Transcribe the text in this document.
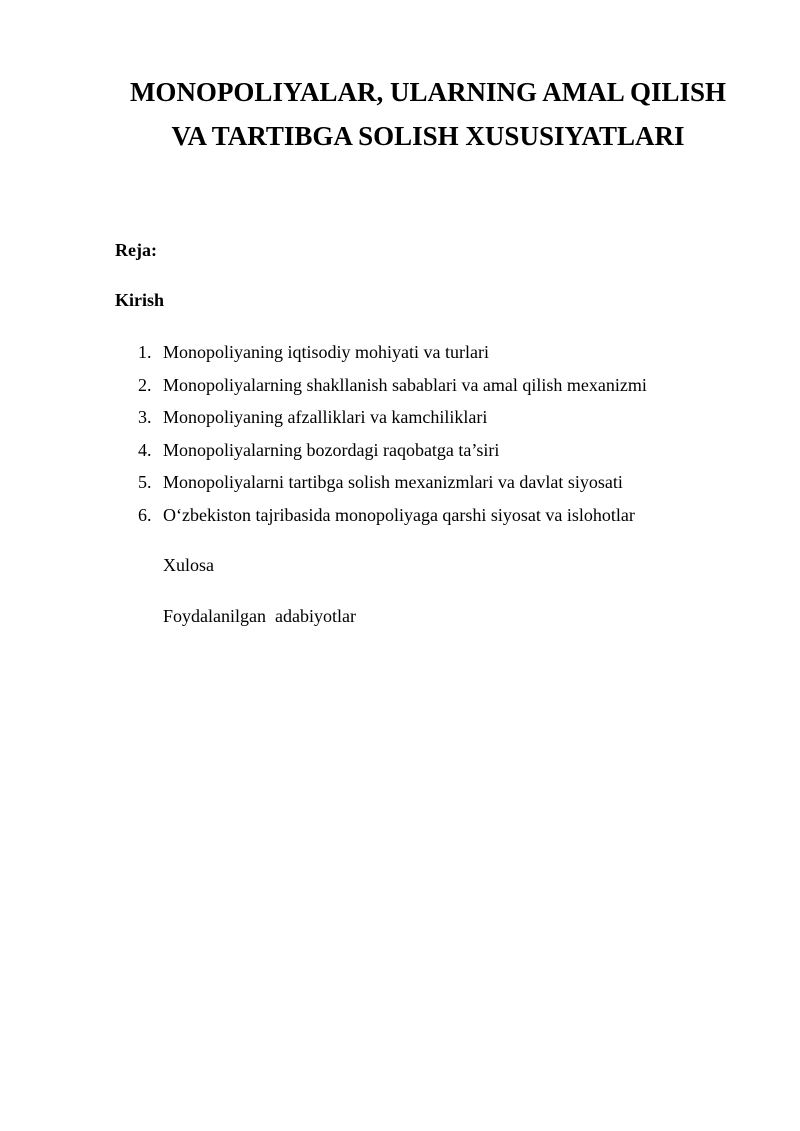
MONOPOLIYALAR, ULARNING AMAL QILISH
VA TARTIBGA SOLISH XUSUSIYATLARI
Reja:
Kirish
1. Monopoliyaning iqtisodiy mohiyati va turlari
2. Monopoliyalarning shakllanish sabablari va amal qilish mexanizmi
3. Monopoliyaning afzalliklari va kamchiliklari
4. Monopoliyalarning bozordagi raqobatga ta’siri
5. Monopoliyalarni tartibga solish mexanizmlari va davlat siyosati
6. O‘zbekiston tajribasida monopoliyaga qarshi siyosat va islohotlar
Xulosa
Foydalanilgan  adabiyotlar
